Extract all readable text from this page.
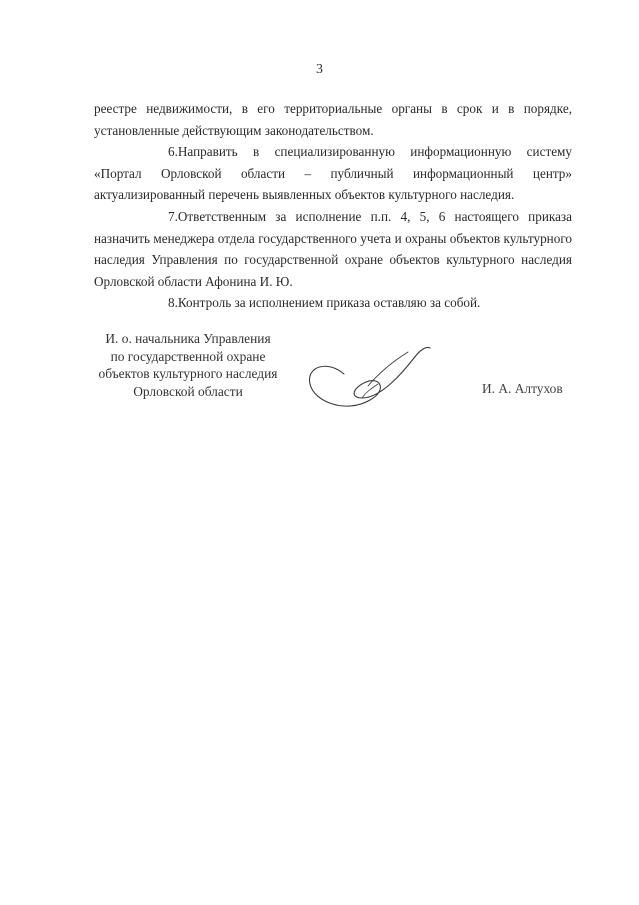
3

реестре недвижимости, в его территориальные органы в срок и в порядке, установленные действующим законодательством.

6.Направить в специализированную информационную систему «Портал Орловской области – публичный информационный центр» актуализированный перечень выявленных объектов культурного наследия.

7.Ответственным за исполнение п.п. 4, 5, 6 настоящего приказа назначить менеджера отдела государственного учета и охраны объектов культурного наследия Управления по государственной охране объектов культурного наследия Орловской области Афонина И. Ю.

8.Контроль за исполнением приказа оставляю за собой.

И. о. начальника Управления
по государственной охране
объектов культурного наследия
Орловской области	И. А. Алтухов
